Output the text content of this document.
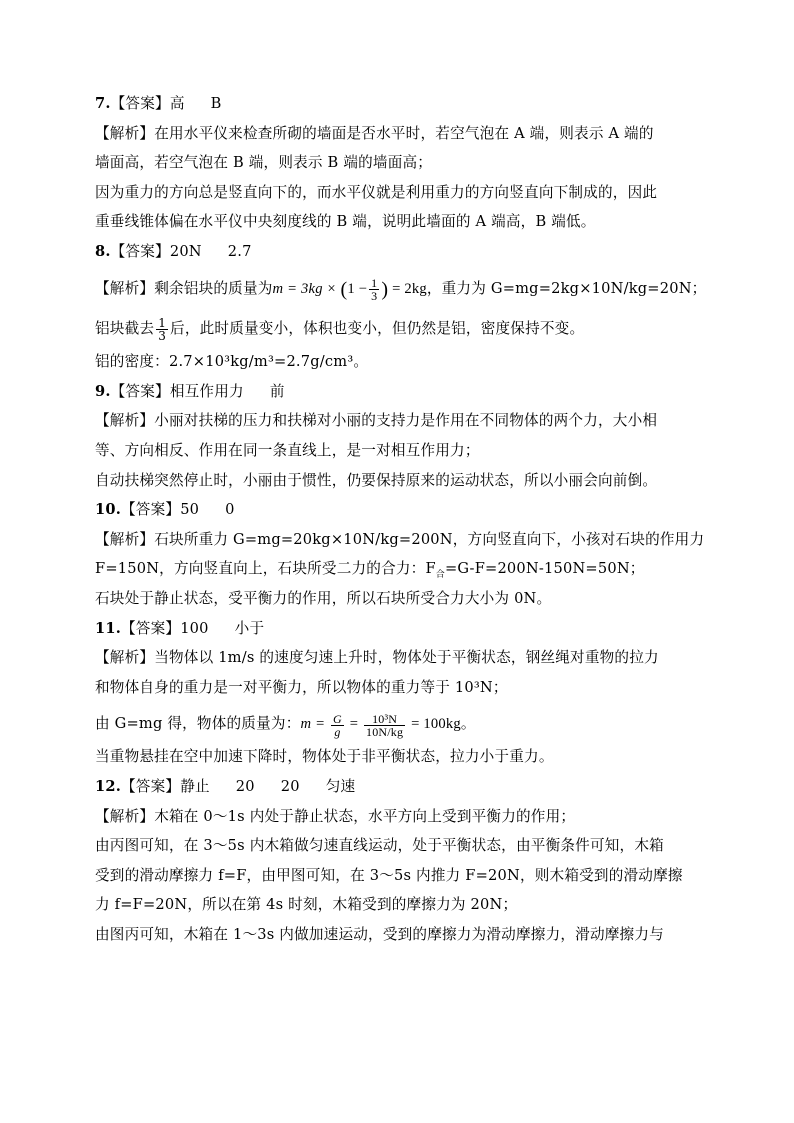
7.【答案】高 B
【解析】在用水平仪来检查所砌的墙面是否水平时，若空气泡在 A 端，则表示 A 端的
墙面高，若空气泡在 B 端，则表示 B 端的墙面高；
因为重力的方向总是竖直向下的，而水平仪就是利用重力的方向竖直向下制成的，因此
重垂线锥体偏在水平仪中央刻度线的 B 端，说明此墙面的 A 端高，B 端低。
8.【答案】20N 2.7
【解析】剩余铝块的质量为$m = 3kg \times (1 - \frac{1}{3}$ ) = 2kg，重力为 G=mg=2kg×10N/kg=20N；
铝块截去 $\frac{1}{3}$ 后，此时质量变小，体积也变小，但仍然是铝，密度保持不变。
铝的密度：2.7×10³kg/m³=2.7g/cm³。
9.【答案】相互作用力 前
【解析】小丽对扶梯的压力和扶梯对小丽的支持力是作用在不同物体的两个力，大小相
等、方向相反、作用在同一条直线上，是一对相互作用力；
自动扶梯突然停止时，小丽由于惯性，仍要保持原来的运动状态，所以小丽会向前倒。
10.【答案】50 0
【解析】石块所重力 G=mg=20kg×10N/kg=200N，方向竖直向下，小孩对石块的作用力
F=150N，方向竖直向上，石块所受二力的合力：$F_合=G-F=200N-150N=50N$；
石块处于静止状态，受平衡力的作用，所以石块所受合力大小为 0N。
11.【答案】100 小于
【解析】当物体以 1m/s 的速度匀速上升时，物体处于平衡状态，钢丝绳对重物的拉力
和物体自身的重力是一对平衡力，所以物体的重力等于 10³N；
由 G=mg 得，物体的质量为：$m = \frac{G}{g} = \frac{\text{10³N}}{10N/kg} = 100kg$。
当重物悬挂在空中加速下降时，物体处于非平衡状态，拉力小于重力。
12.【答案】静止 20 20 匀速
【解析】木箱在 0～1s 内处于静止状态，水平方向上受到平衡力的作用；
由丙图可知，在 3～5s 内木箱做匀速直线运动，处于平衡状态，由平衡条件可知，木箱
受到的滑动摩擦力 f=F，由甲图可知，在 3～5s 内推力 F=20N，则木箱受到的滑动摩擦
力 f=F=20N，所以在第 4s 时刻，木箱受到的摩擦力为 20N；
由图丙可知，木箱在 1～3s 内做加速运动，受到的摩擦力为滑动摩擦力，滑动摩擦力与
